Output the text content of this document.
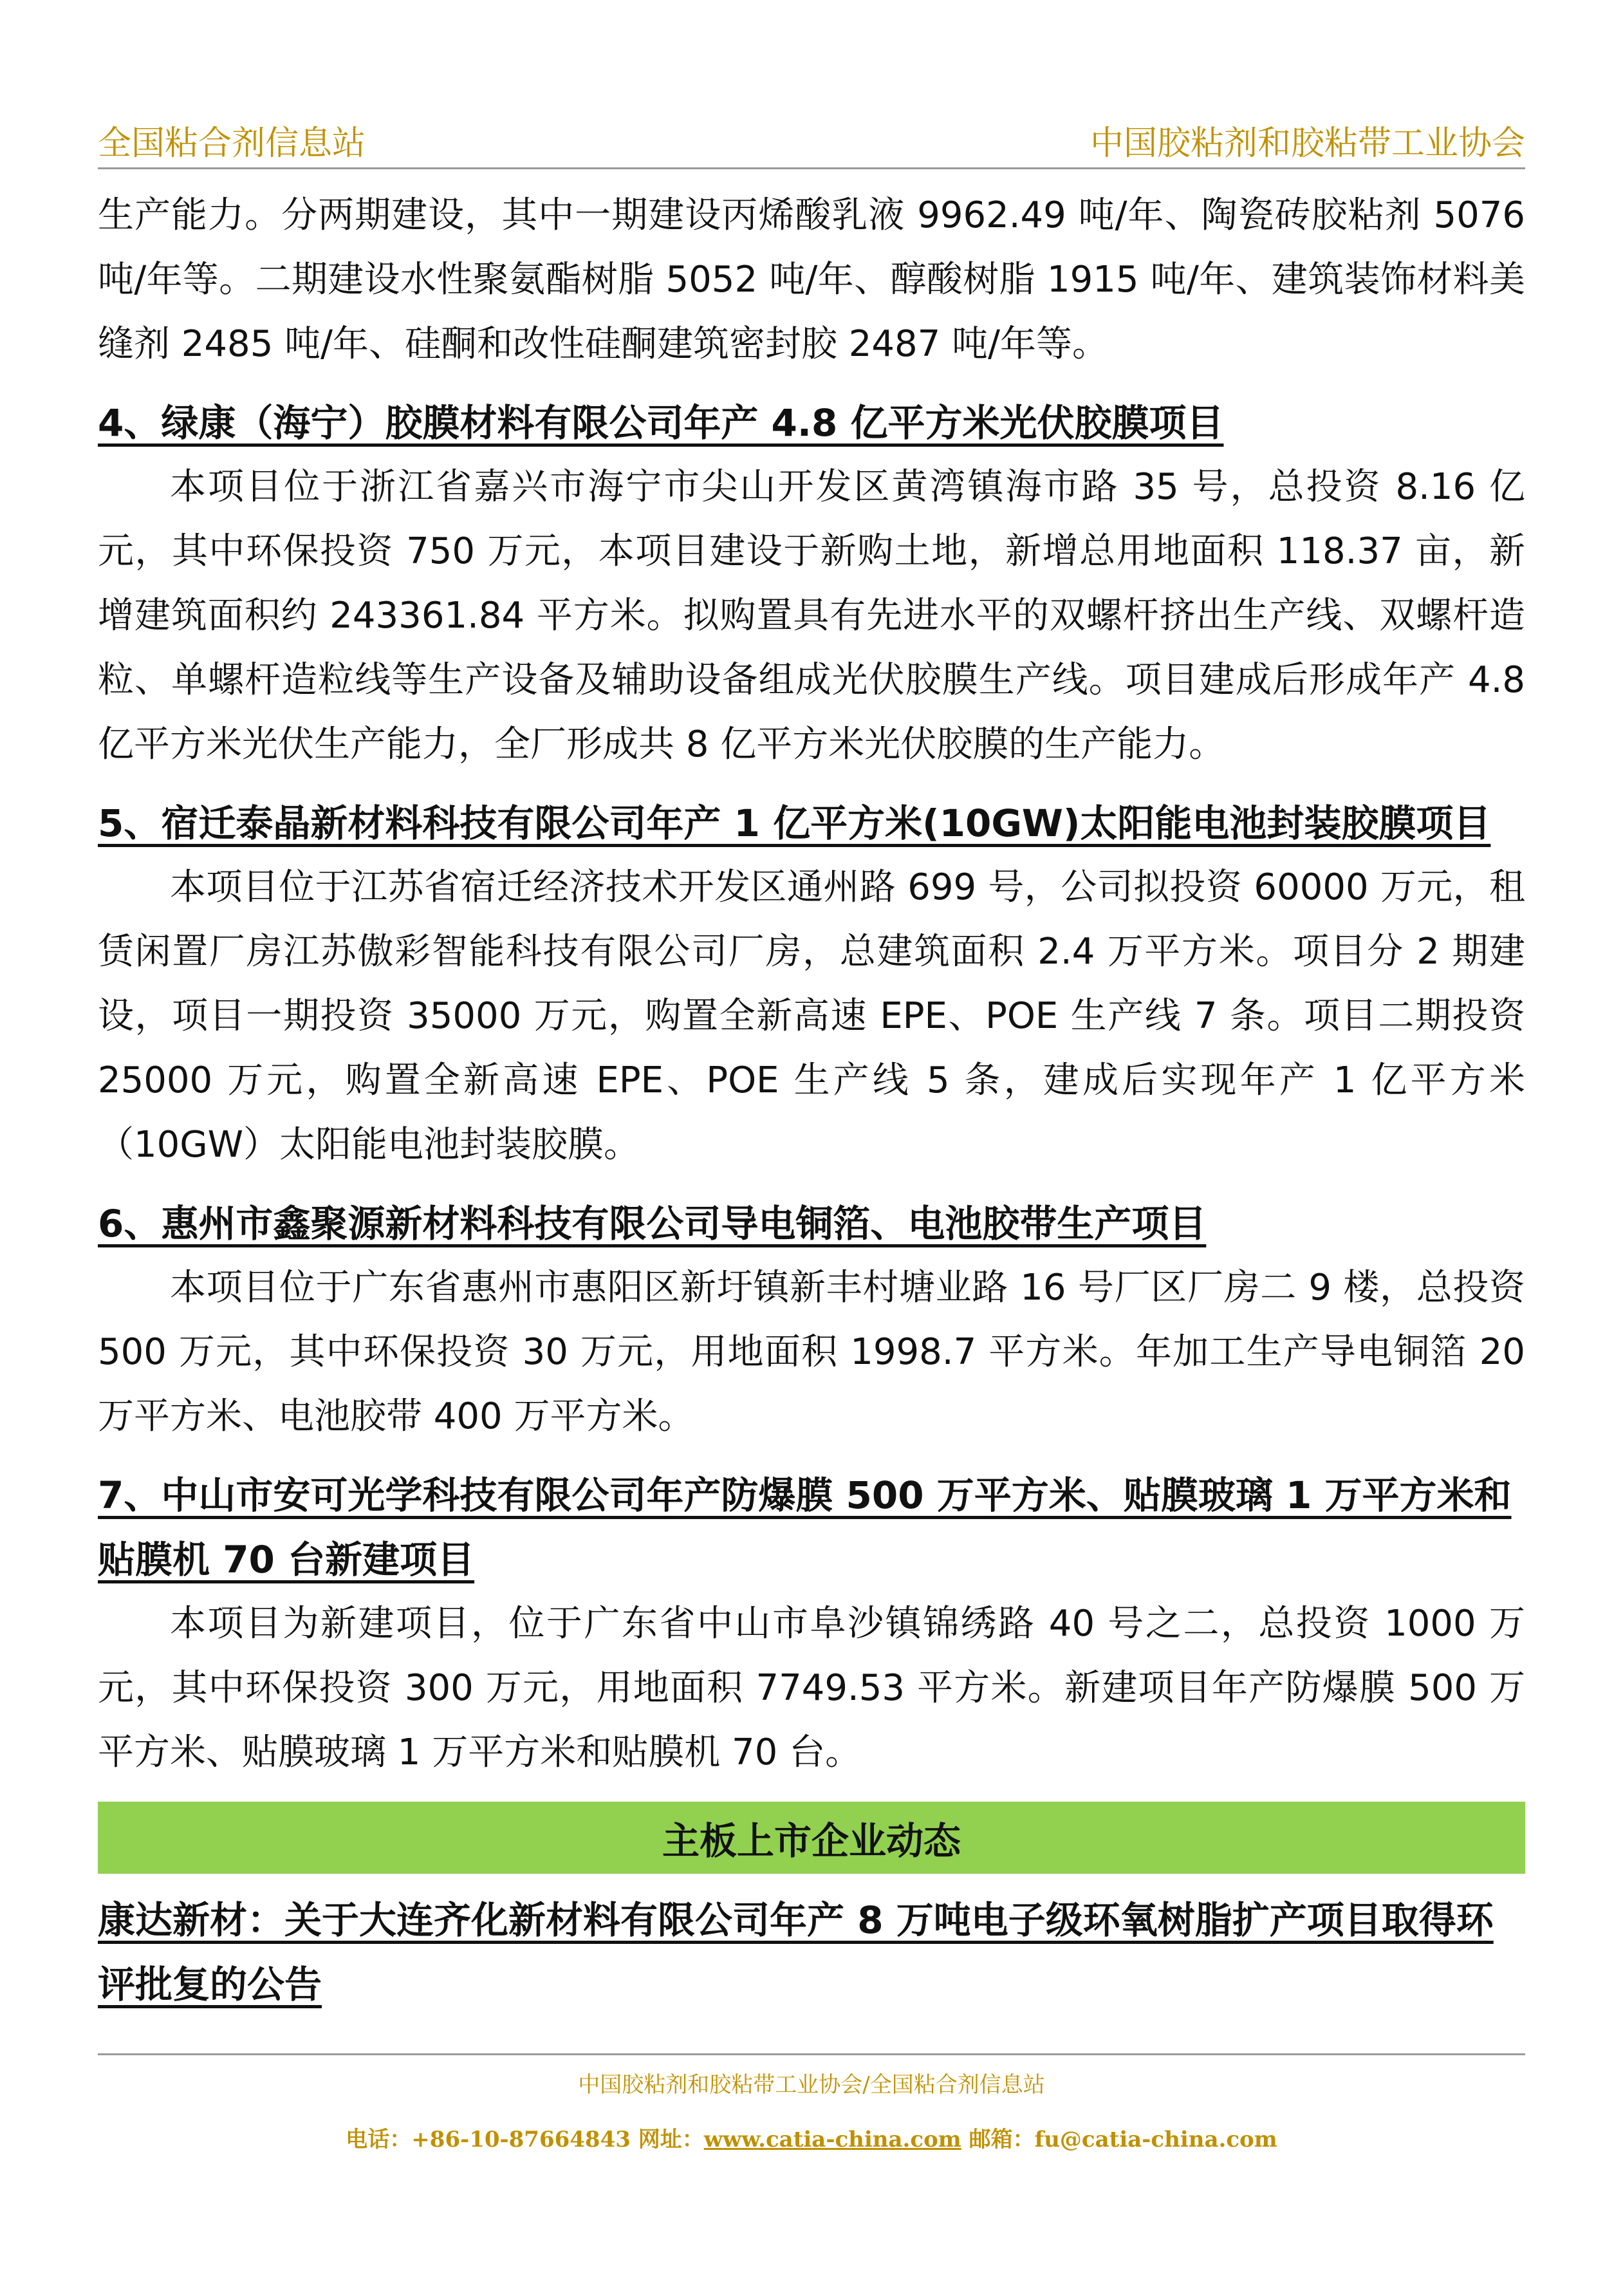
全国粘合剂信息站	中国胶粘剂和胶粘带工业协会

生产能力。分两期建设，其中一期建设丙烯酸乳液 9962.49 吨/年、陶瓷砖胶粘剂 5076 吨/年等。二期建设水性聚氨酯树脂 5052 吨/年、醇酸树脂 1915 吨/年、建筑装饰材料美缝剂 2485 吨/年、硅酮和改性硅酮建筑密封胶 2487 吨/年等。

4、绿康（海宁）胶膜材料有限公司年产 4.8 亿平方米光伏胶膜项目

本项目位于浙江省嘉兴市海宁市尖山开发区黄湾镇海市路 35 号，总投资 8.16 亿元，其中环保投资 750 万元，本项目建设于新购土地，新增总用地面积 118.37 亩，新增建筑面积约 243361.84 平方米。拟购置具有先进水平的双螺杆挤出生产线、双螺杆造粒、单螺杆造粒线等生产设备及辅助设备组成光伏胶膜生产线。项目建成后形成年产 4.8 亿平方米光伏生产能力，全厂形成共 8 亿平方米光伏胶膜的生产能力。

5、宿迁泰晶新材料科技有限公司年产 1 亿平方米(10GW)太阳能电池封装胶膜项目

本项目位于江苏省宿迁经济技术开发区通州路 699 号，公司拟投资 60000 万元，租赁闲置厂房江苏傲彩智能科技有限公司厂房，总建筑面积 2.4 万平方米。项目分 2 期建设，项目一期投资 35000 万元，购置全新高速 EPE、POE 生产线 7 条。项目二期投资 25000 万元，购置全新高速 EPE、POE 生产线 5 条，建成后实现年产 1 亿平方米（10GW）太阳能电池封装胶膜。

6、惠州市鑫聚源新材料科技有限公司导电铜箔、电池胶带生产项目

本项目位于广东省惠州市惠阳区新圩镇新丰村塘业路 16 号厂区厂房二 9 楼，总投资 500 万元，其中环保投资 30 万元，用地面积 1998.7 平方米。年加工生产导电铜箔 20 万平方米、电池胶带 400 万平方米。

7、中山市安可光学科技有限公司年产防爆膜 500 万平方米、贴膜玻璃 1 万平方米和贴膜机 70 台新建项目

本项目为新建项目，位于广东省中山市阜沙镇锦绣路 40 号之二，总投资 1000 万元，其中环保投资 300 万元，用地面积 7749.53 平方米。新建项目年产防爆膜 500 万平方米、贴膜玻璃 1 万平方米和贴膜机 70 台。

主板上市企业动态
康达新材：关于大连齐化新材料有限公司年产 8 万吨电子级环氧树脂扩产项目取得环评批复的公告
中国胶粘剂和胶粘带工业协会/全国粘合剂信息站
电话：+86-10-87664843 网址：www.catia-china.com 邮箱：fu@catia-china.com
